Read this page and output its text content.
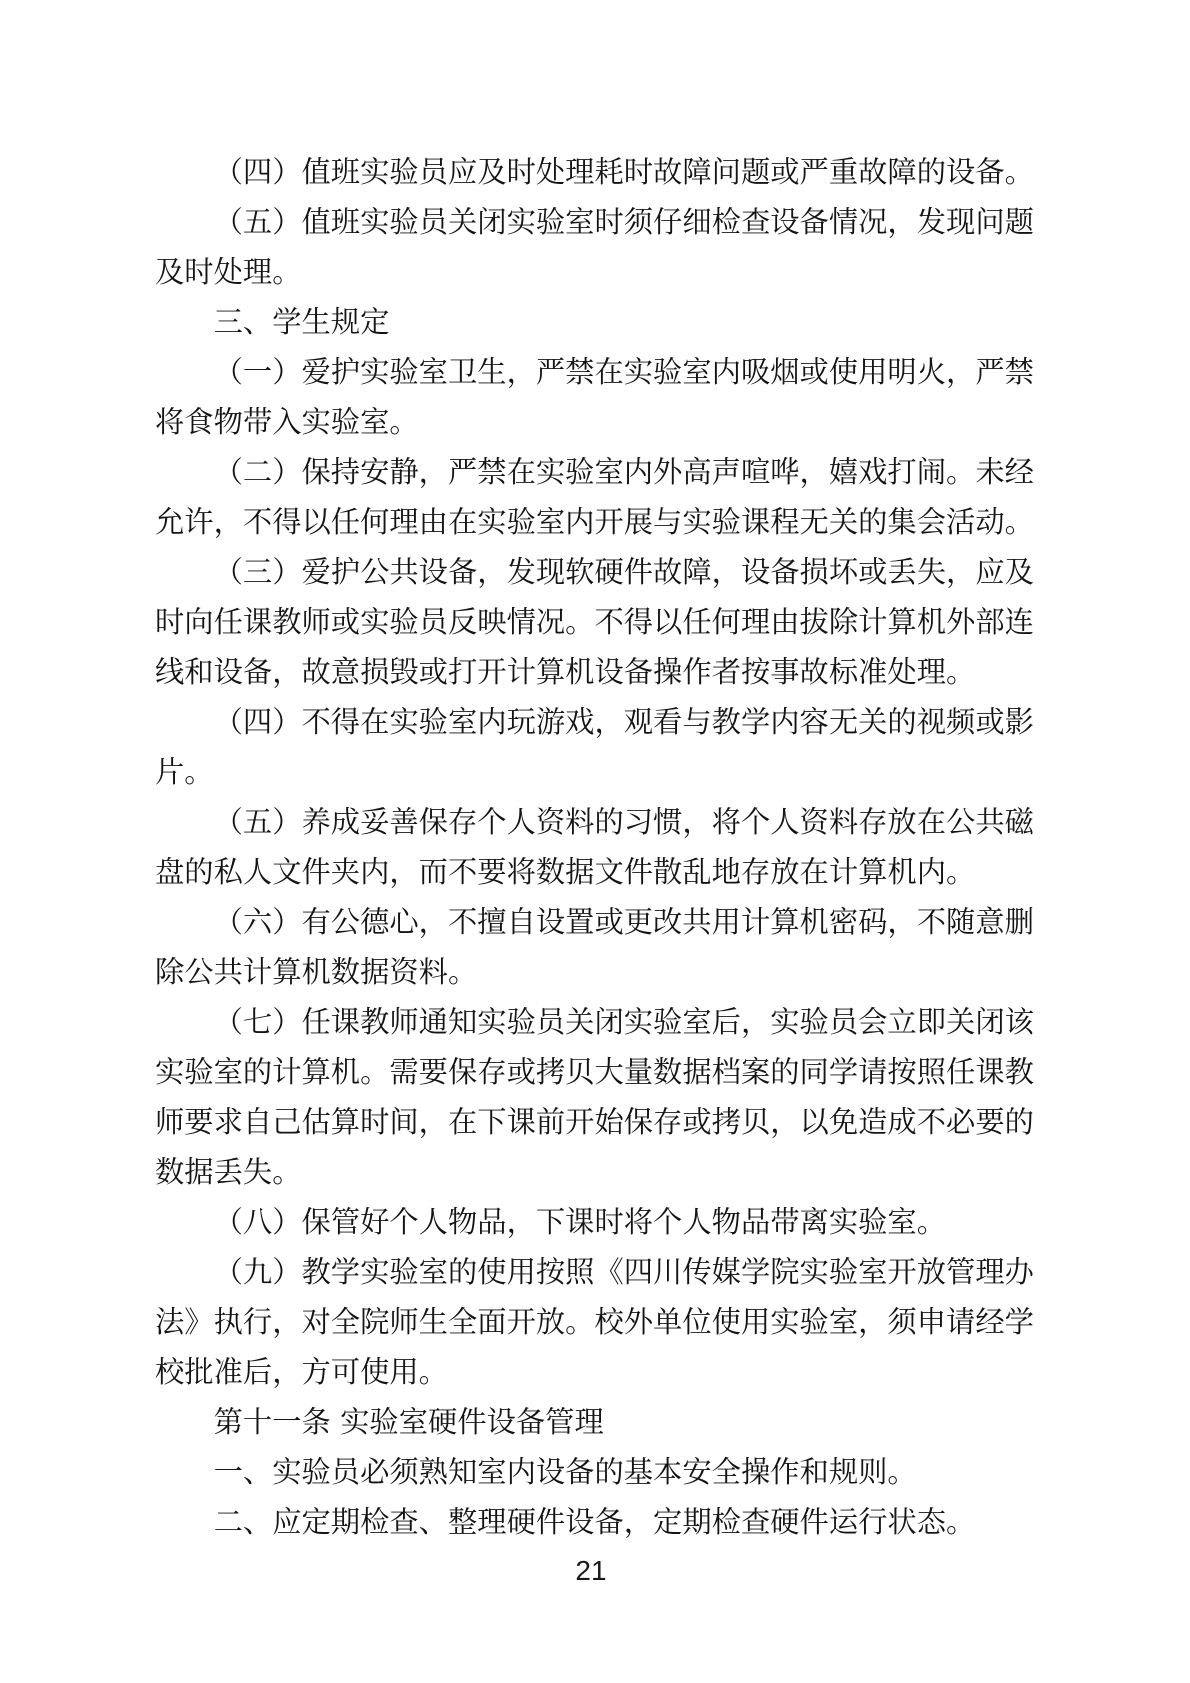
（四）值班实验员应及时处理耗时故障问题或严重故障的设备。
（五）值班实验员关闭实验室时须仔细检查设备情况，发现问题
及时处理。
三、学生规定
（一）爱护实验室卫生，严禁在实验室内吸烟或使用明火，严禁
将食物带入实验室。
（二）保持安静，严禁在实验室内外高声喧哗，嬉戏打闹。未经
允许，不得以任何理由在实验室内开展与实验课程无关的集会活动。
（三）爱护公共设备，发现软硬件故障，设备损坏或丢失，应及
时向任课教师或实验员反映情况。不得以任何理由拔除计算机外部连
线和设备，故意损毁或打开计算机设备操作者按事故标准处理。
（四）不得在实验室内玩游戏，观看与教学内容无关的视频或影
片。
（五）养成妥善保存个人资料的习惯，将个人资料存放在公共磁
盘的私人文件夹内，而不要将数据文件散乱地存放在计算机内。
（六）有公德心，不擅自设置或更改共用计算机密码，不随意删
除公共计算机数据资料。
（七）任课教师通知实验员关闭实验室后，实验员会立即关闭该
实验室的计算机。需要保存或拷贝大量数据档案的同学请按照任课教
师要求自己估算时间，在下课前开始保存或拷贝，以免造成不必要的
数据丢失。
（八）保管好个人物品，下课时将个人物品带离实验室。
（九）教学实验室的使用按照《四川传媒学院实验室开放管理办
法》执行，对全院师生全面开放。校外单位使用实验室，须申请经学
校批准后，方可使用。
第十一条 实验室硬件设备管理
一、实验员必须熟知室内设备的基本安全操作和规则。
二、应定期检查、整理硬件设备，定期检查硬件运行状态。
21
